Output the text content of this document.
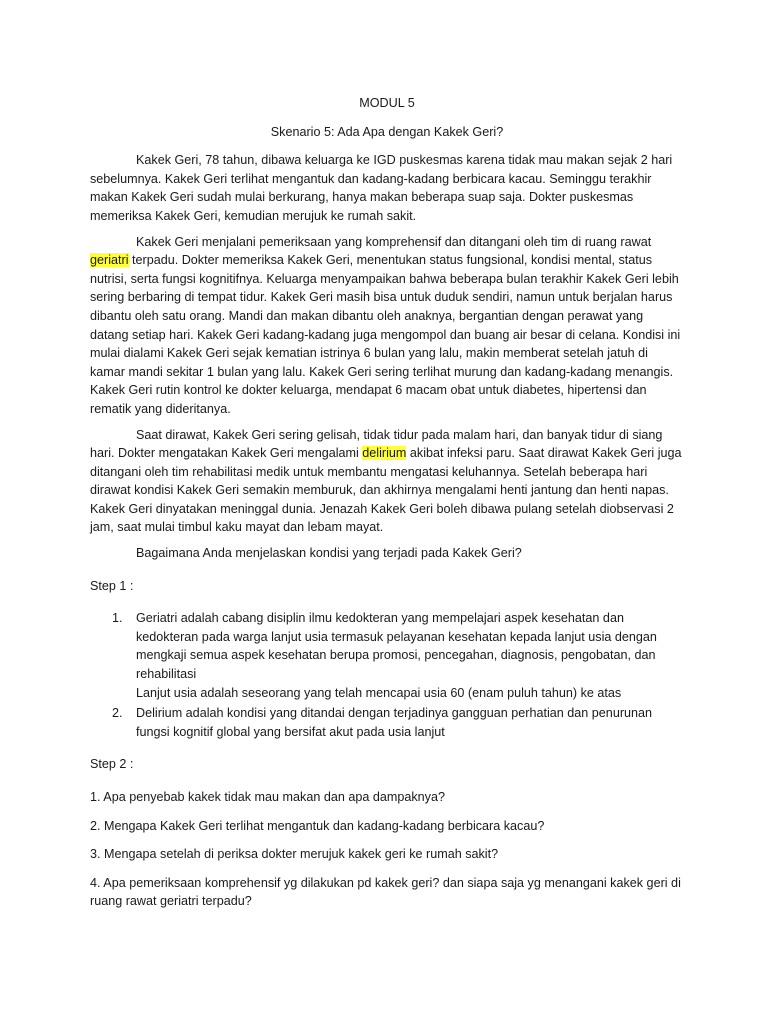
MODUL 5
Skenario 5: Ada Apa dengan Kakek Geri?

Kakek Geri, 78 tahun, dibawa keluarga ke IGD puskesmas karena tidak mau makan sejak 2 hari sebelumnya. Kakek Geri terlihat mengantuk dan kadang-kadang berbicara kacau. Seminggu terakhir makan Kakek Geri sudah mulai berkurang, hanya makan beberapa suap saja. Dokter puskesmas memeriksa Kakek Geri, kemudian merujuk ke rumah sakit.

Kakek Geri menjalani pemeriksaan yang komprehensif dan ditangani oleh tim di ruang rawat geriatri terpadu. Dokter memeriksa Kakek Geri, menentukan status fungsional, kondisi mental, status nutrisi, serta fungsi kognitifnya. Keluarga menyampaikan bahwa beberapa bulan terakhir Kakek Geri lebih sering berbaring di tempat tidur. Kakek Geri masih bisa untuk duduk sendiri, namun untuk berjalan harus dibantu oleh satu orang. Mandi dan makan dibantu oleh anaknya, bergantian dengan perawat yang datang setiap hari. Kakek Geri kadang-kadang juga mengompol dan buang air besar di celana. Kondisi ini mulai dialami Kakek Geri sejak kematian istrinya 6 bulan yang lalu, makin memberat setelah jatuh di kamar mandi sekitar 1 bulan yang lalu. Kakek Geri sering terlihat murung dan kadang-kadang menangis. Kakek Geri rutin kontrol ke dokter keluarga, mendapat 6 macam obat untuk diabetes, hipertensi dan rematik yang dideritanya.

Saat dirawat, Kakek Geri sering gelisah, tidak tidur pada malam hari, dan banyak tidur di siang hari. Dokter mengatakan Kakek Geri mengalami delirium akibat infeksi paru. Saat dirawat Kakek Geri juga ditangani oleh tim rehabilitasi medik untuk membantu mengatasi keluhannya. Setelah beberapa hari dirawat kondisi Kakek Geri semakin memburuk, dan akhirnya mengalami henti jantung dan henti napas. Kakek Geri dinyatakan meninggal dunia. Jenazah Kakek Geri boleh dibawa pulang setelah diobservasi 2 jam, saat mulai timbul kaku mayat dan lebam mayat.

Bagaimana Anda menjelaskan kondisi yang terjadi pada Kakek Geri?
Step 1 :
1. Geriatri adalah cabang disiplin ilmu kedokteran yang mempelajari aspek kesehatan dan kedokteran pada warga lanjut usia termasuk pelayanan kesehatan kepada lanjut usia dengan mengkaji semua aspek kesehatan berupa promosi, pencegahan, diagnosis, pengobatan, dan rehabilitasi
Lanjut usia adalah seseorang yang telah mencapai usia 60 (enam puluh tahun) ke atas
2. Delirium adalah kondisi yang ditandai dengan terjadinya gangguan perhatian dan penurunan fungsi kognitif global yang bersifat akut pada usia lanjut
Step 2 :
1. Apa penyebab kakek tidak mau makan dan apa dampaknya?
2. Mengapa Kakek Geri terlihat mengantuk dan kadang-kadang berbicara kacau?
3. Mengapa setelah di periksa dokter merujuk kakek geri ke rumah sakit?
4. Apa pemeriksaan komprehensif yg dilakukan pd kakek geri? dan siapa saja yg menangani kakek geri di ruang rawat geriatri terpadu?
